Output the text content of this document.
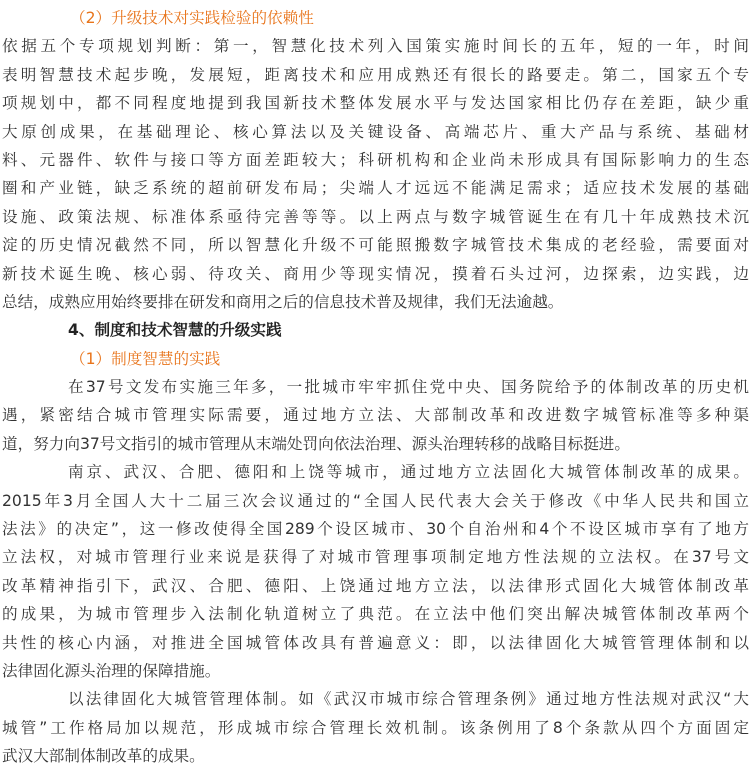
（2）升级技术对实践检验的依赖性
依据五个专项规划判断：第一，智慧化技术列入国策实施时间长的五年，短的一年，时间
表明智慧技术起步晚，发展短，距离技术和应用成熟还有很长的路要走。第二，国家五个专
项规划中，都不同程度地提到我国新技术整体发展水平与发达国家相比仍存在差距，缺少重
大原创成果，在基础理论、核心算法以及关键设备、高端芯片、重大产品与系统、基础材
料、元器件、软件与接口等方面差距较大；科研机构和企业尚未形成具有国际影响力的生态
圈和产业链，缺乏系统的超前研发布局；尖端人才远远不能满足需求；适应技术发展的基础
设施、政策法规、标准体系亟待完善等等。以上两点与数字城管诞生在有几十年成熟技术沉
淀的历史情况截然不同，所以智慧化升级不可能照搬数字城管技术集成的老经验，需要面对
新技术诞生晚、核心弱、待攻关、商用少等现实情况，摸着石头过河，边探索，边实践，边
总结，成熟应用始终要排在研发和商用之后的信息技术普及规律，我们无法逾越。
4、制度和技术智慧的升级实践
（1）制度智慧的实践
在37号文发布实施三年多，一批城市牢牢抓住党中央、国务院给予的体制改革的历史机
遇，紧密结合城市管理实际需要，通过地方立法、大部制改革和改进数字城管标准等多种渠
道，努力向37号文指引的城市管理从末端处罚向依法治理、源头治理转移的战略目标挺进。
南京、武汉、合肥、德阳和上饶等城市，通过地方立法固化大城管体制改革的成果。
2015年3月全国人大十二届三次会议通过的“全国人民代表大会关于修改《中华人民共和国立
法法》的决定”，这一修改使得全国289个设区城市、30个自治州和4个不设区城市享有了地方
立法权，对城市管理行业来说是获得了对城市管理事项制定地方性法规的立法权。在37号文
改革精神指引下，武汉、合肥、德阳、上饶通过地方立法，以法律形式固化大城管体制改革
的成果，为城市管理步入法制化轨道树立了典范。在立法中他们突出解决城管体制改革两个
共性的核心内涵，对推进全国城管体改具有普遍意义：即，以法律固化大城管管理体制和以
法律固化源头治理的保障措施。
以法律固化大城管管理体制。如《武汉市城市综合管理条例》通过地方性法规对武汉“大
城管”工作格局加以规范，形成城市综合管理长效机制。该条例用了8个条款从四个方面固定
武汉大部制体制改革的成果。
